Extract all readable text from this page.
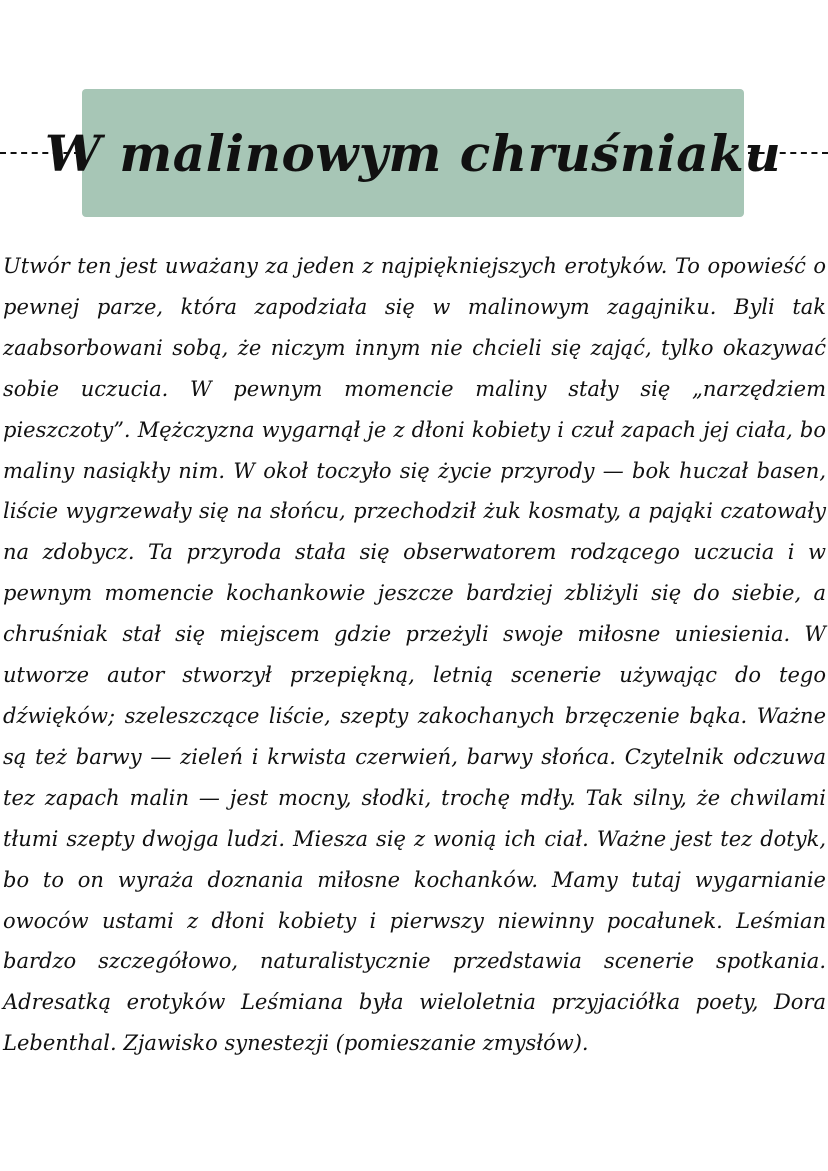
W malinowym chruśniaku

Utwór ten jest uważany za jeden z najpiękniejszych erotyków. To opowieść o pewnej parze, która zapodziała się w malinowym zagajniku. Byli tak zaabsorbowani sobą, że niczym innym nie chcieli się zająć, tylko okazywać sobie uczucia. W pewnym momencie maliny stały się „narzędziem pieszczoty”. Mężczyzna wygarnął je z dłoni kobiety i czuł zapach jej ciała, bo maliny nasiąkły nim. W okoł toczyło się życie przyrody — bok huczał basen, liście wygrzewały się na słońcu, przechodził żuk kosmaty, a pająki czatowały na zdobycz. Ta przyroda stała się obserwatorem rodzącego uczucia i w pewnym momencie kochankowie jeszcze bardziej zbliżyli się do siebie, a chruśniak stał się miejscem gdzie przeżyli swoje miłosne uniesienia. W utworze autor stworzył przepiękną, letnią scenerie używając do tego dźwięków; szeleszczące liście, szepty zakochanych brzęczenie bąka. Ważne są też barwy — zieleń i krwista czerwień, barwy słońca. Czytelnik odczuwa tez zapach malin — jest mocny, słodki, trochę mdły. Tak silny, że chwilami tłumi szepty dwojga ludzi. Miesza się z wonią ich ciał. Ważne jest tez dotyk, bo to on wyraża doznania miłosne kochanków. Mamy tutaj wygarnianie owoców ustami z dłoni kobiety i pierwszy niewinny pocałunek. Leśmian bardzo szczegółowo, naturalistycznie przedstawia scenerie spotkania. Adresatką erotyków Leśmiana była wieloletnia przyjaciółka poety, Dora Lebenthal. Zjawisko synestezji (pomieszanie zmysłów).
